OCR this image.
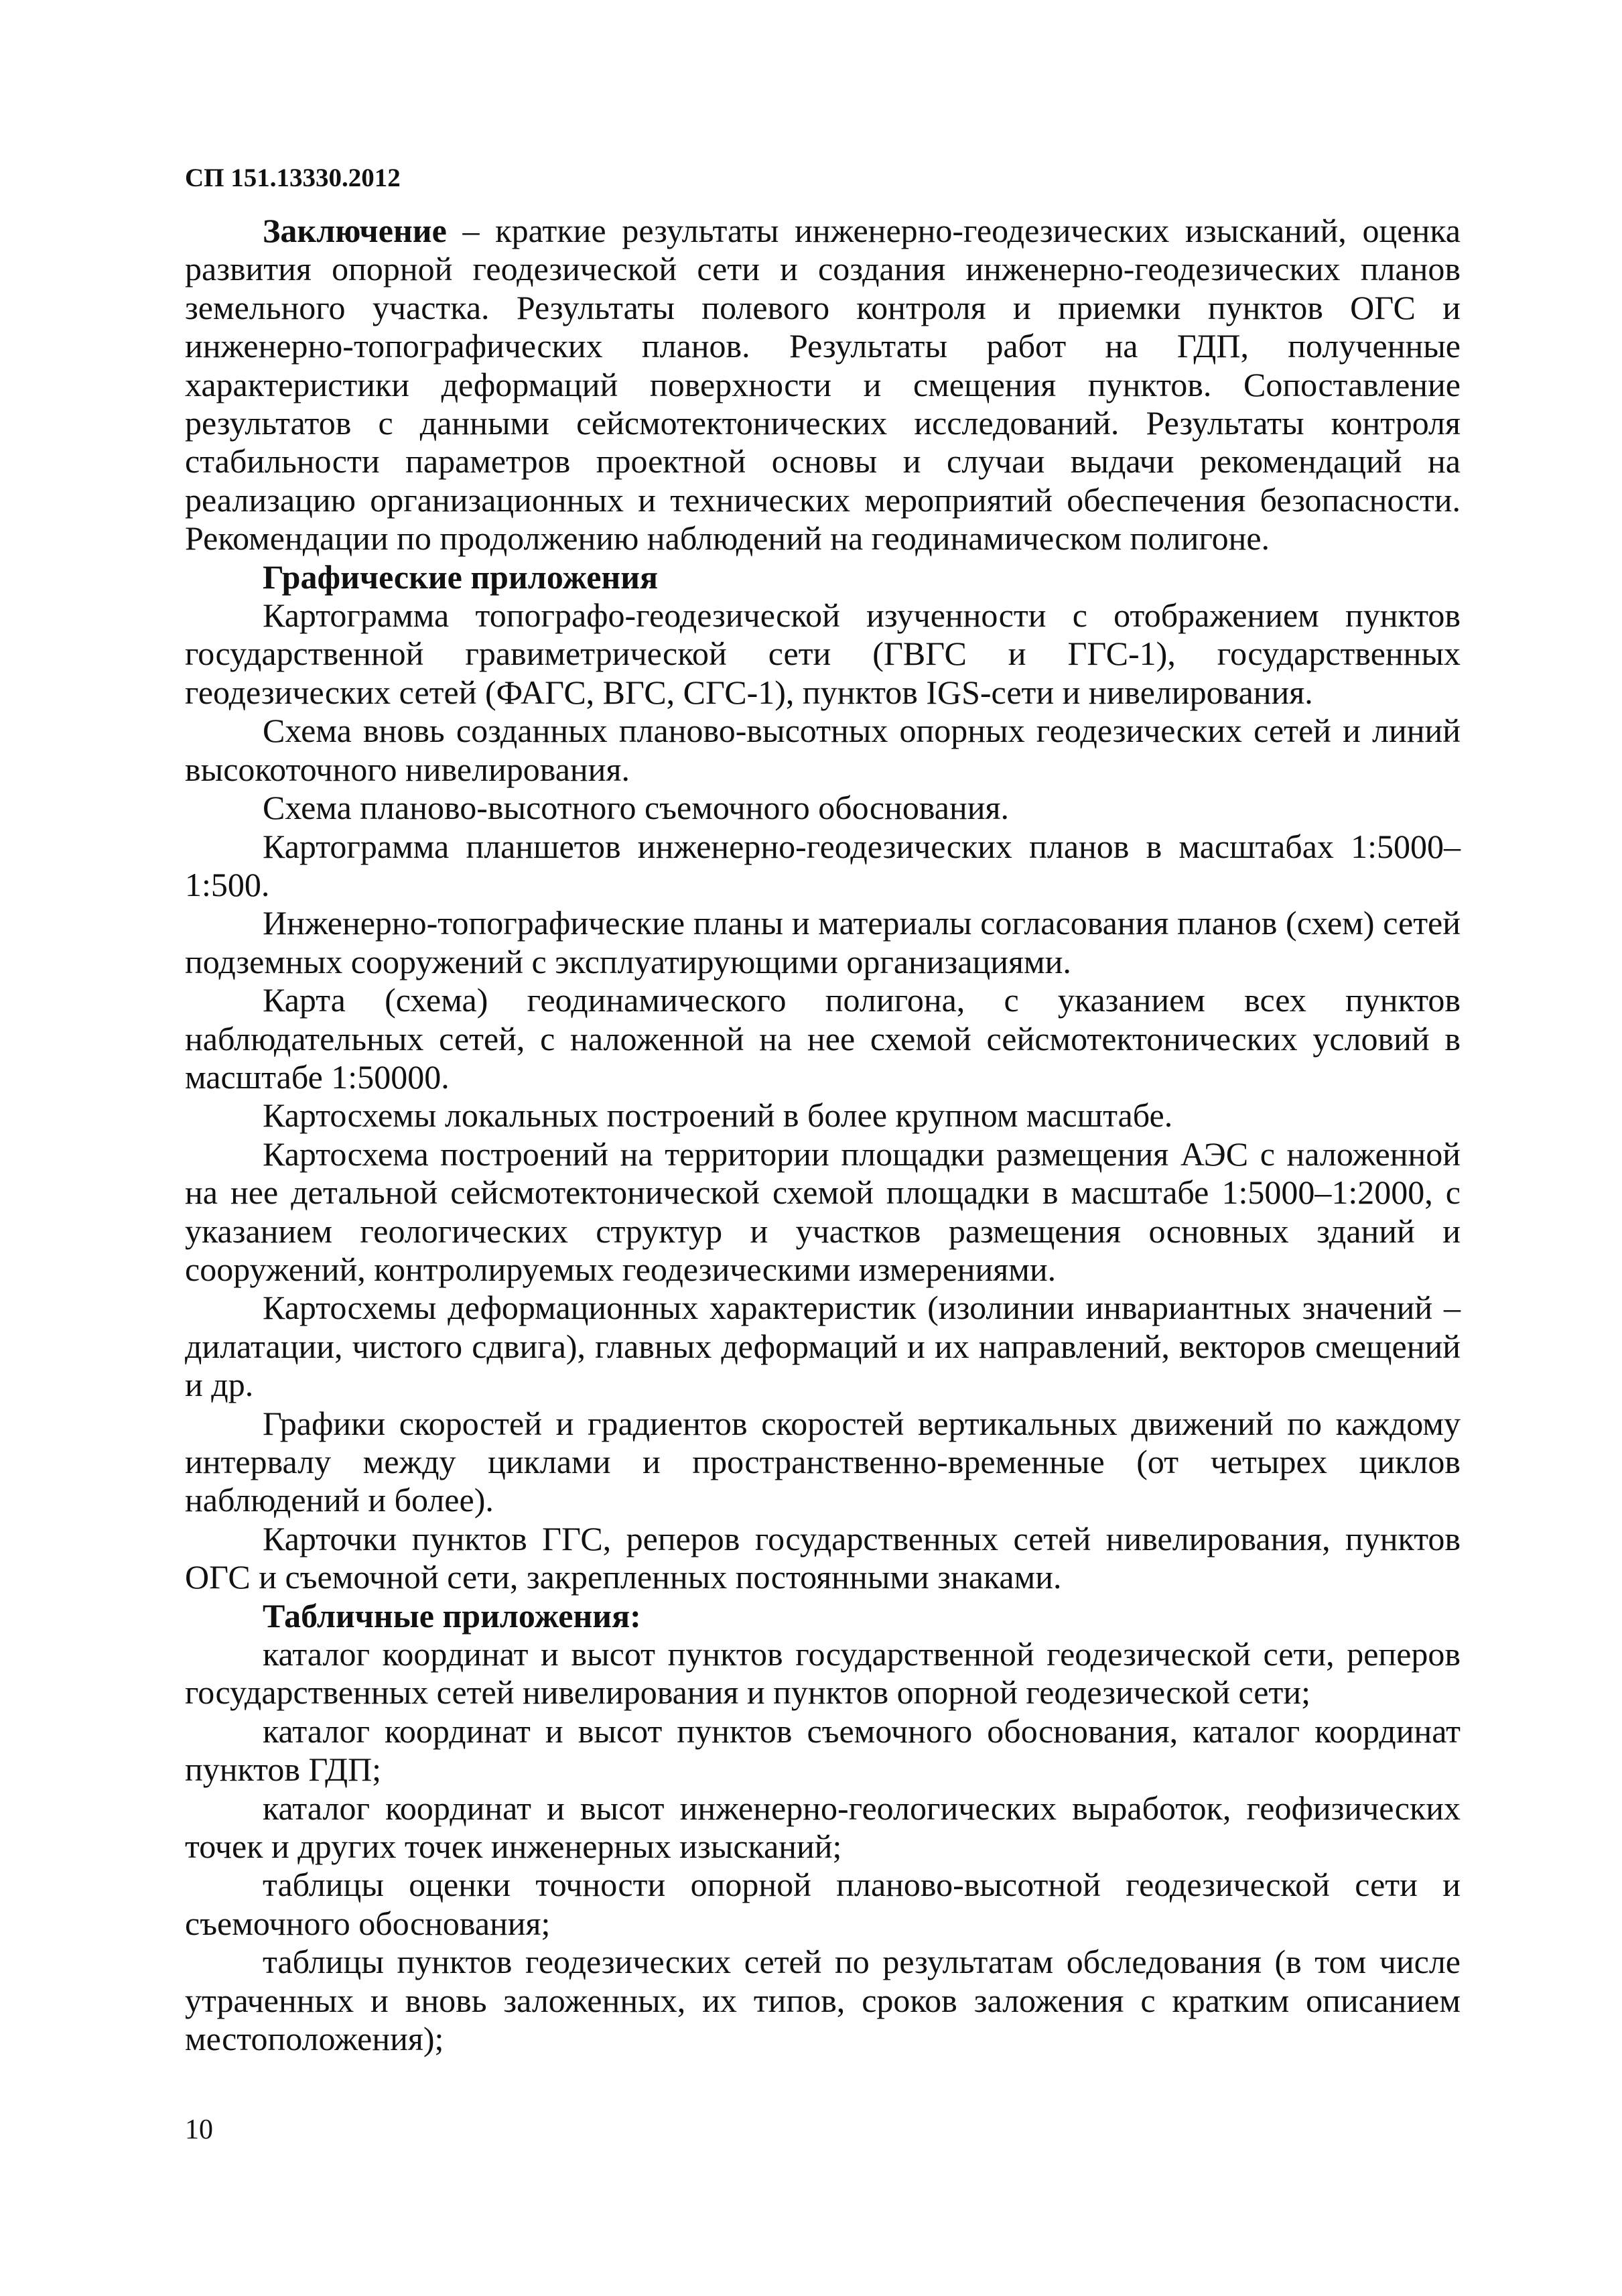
СП 151.13330.2012

Заключение – краткие результаты инженерно-геодезических изысканий, оценка развития опорной геодезической сети и создания инженерно-геодезических планов земельного участка. Результаты полевого контроля и приемки пунктов ОГС и инженерно-топографических планов. Результаты работ на ГДП, полученные характеристики деформаций поверхности и смещения пунктов. Сопоставление результатов с данными сейсмотектонических исследований. Результаты контроля стабильности параметров проектной основы и случаи выдачи рекомендаций на реализацию организационных и технических мероприятий обеспечения безопасности. Рекомендации по продолжению наблюдений на геодинамическом полигоне.

Графические приложения

Картограмма топографо-геодезической изученности с отображением пунктов государственной гравиметрической сети (ГВГС и ГГС-1), государственных геодезических сетей (ФАГС, ВГС, СГС-1), пунктов IGS-сети и нивелирования.

Схема вновь созданных планово-высотных опорных геодезических сетей и линий высокоточного нивелирования.

Схема планово-высотного съемочного обоснования.

Картограмма планшетов инженерно-геодезических планов в масштабах 1:5000–1:500.

Инженерно-топографические планы и материалы согласования планов (схем) сетей подземных сооружений с эксплуатирующими организациями.

Карта (схема) геодинамического полигона, с указанием всех пунктов наблюдательных сетей, с наложенной на нее схемой сейсмотектонических условий в масштабе 1:50000.

Картосхемы локальных построений в более крупном масштабе.

Картосхема построений на территории площадки размещения АЭС с наложенной на нее детальной сейсмотектонической схемой площадки в масштабе 1:5000–1:2000, с указанием геологических структур и участков размещения основных зданий и сооружений, контролируемых геодезическими измерениями.

Картосхемы деформационных характеристик (изолинии инвариантных значений – дилатации, чистого сдвига), главных деформаций и их направлений, векторов смещений и др.

Графики скоростей и градиентов скоростей вертикальных движений по каждому интервалу между циклами и пространственно-временные (от четырех циклов наблюдений и более).

Карточки пунктов ГГС, реперов государственных сетей нивелирования, пунктов ОГС и съемочной сети, закрепленных постоянными знаками.

Табличные приложения:

каталог координат и высот пунктов государственной геодезической сети, реперов государственных сетей нивелирования и пунктов опорной геодезической сети;

каталог координат и высот пунктов съемочного обоснования, каталог координат пунктов ГДП;

каталог координат и высот инженерно-геологических выработок, геофизических точек и других точек инженерных изысканий;

таблицы оценки точности опорной планово-высотной геодезической сети и съемочного обоснования;

таблицы пунктов геодезических сетей по результатам обследования (в том числе утраченных и вновь заложенных, их типов, сроков заложения с кратким описанием местоположения);

10
